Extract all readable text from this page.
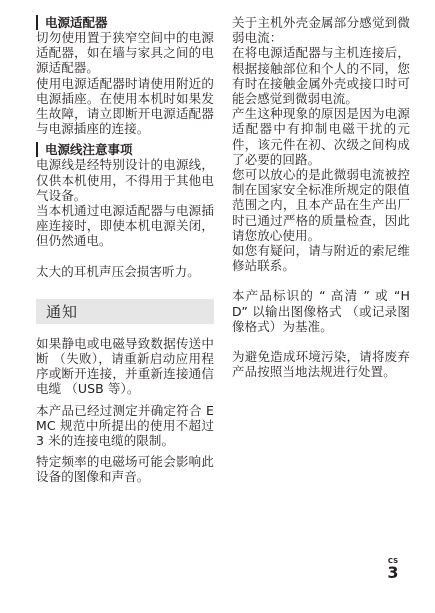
电源适配器

切勿使用置于狭窄空间中的电源适配器，如在墙与家具之间的电源适配器。

使用电源适配器时请使用附近的电源插座。在使用本机时如果发生故障，请立即断开电源适配器与电源插座的连接。

电源线注意事项

电源线是经特别设计的电源线，仅供本机使用，不得用于其他电气设备。

当本机通过电源适配器与电源插座连接时，即使本机电源关闭，但仍然通电。

太大的耳机声压会损害听力。

通知

如果静电或电磁导致数据传送中断 （失败），请重新启动应用程序或断开连接，并重新连接通信电缆 （USB 等）。

本产品已经过测定并确定符合 EMC 规范中所提出的使用不超过 3 米的连接电缆的限制。

特定频率的电磁场可能会影响此设备的图像和声音。

关于主机外壳金属部分感觉到微弱电流：

在将电源适配器与主机连接后，根据接触部位和个人的不同，您有时在接触金属外壳或接口时可能会感觉到微弱电流。

产生这种现象的原因是因为电源适配器中有抑制电磁干扰的元件，该元件在初、次级之间构成了必要的回路。

您可以放心的是此微弱电流被控制在国家安全标准所规定的限值范围之内，且本产品在生产出厂时已通过严格的质量检查，因此请您放心使用。

如您有疑问，请与附近的索尼维修站联系。

本产品标识的 “ 高清 ” 或 “HD” 以输出图像格式 （或记录图像格式）为基准。

为避免造成环境污染，请将废弃产品按照当地法规进行处置。

CS
3
